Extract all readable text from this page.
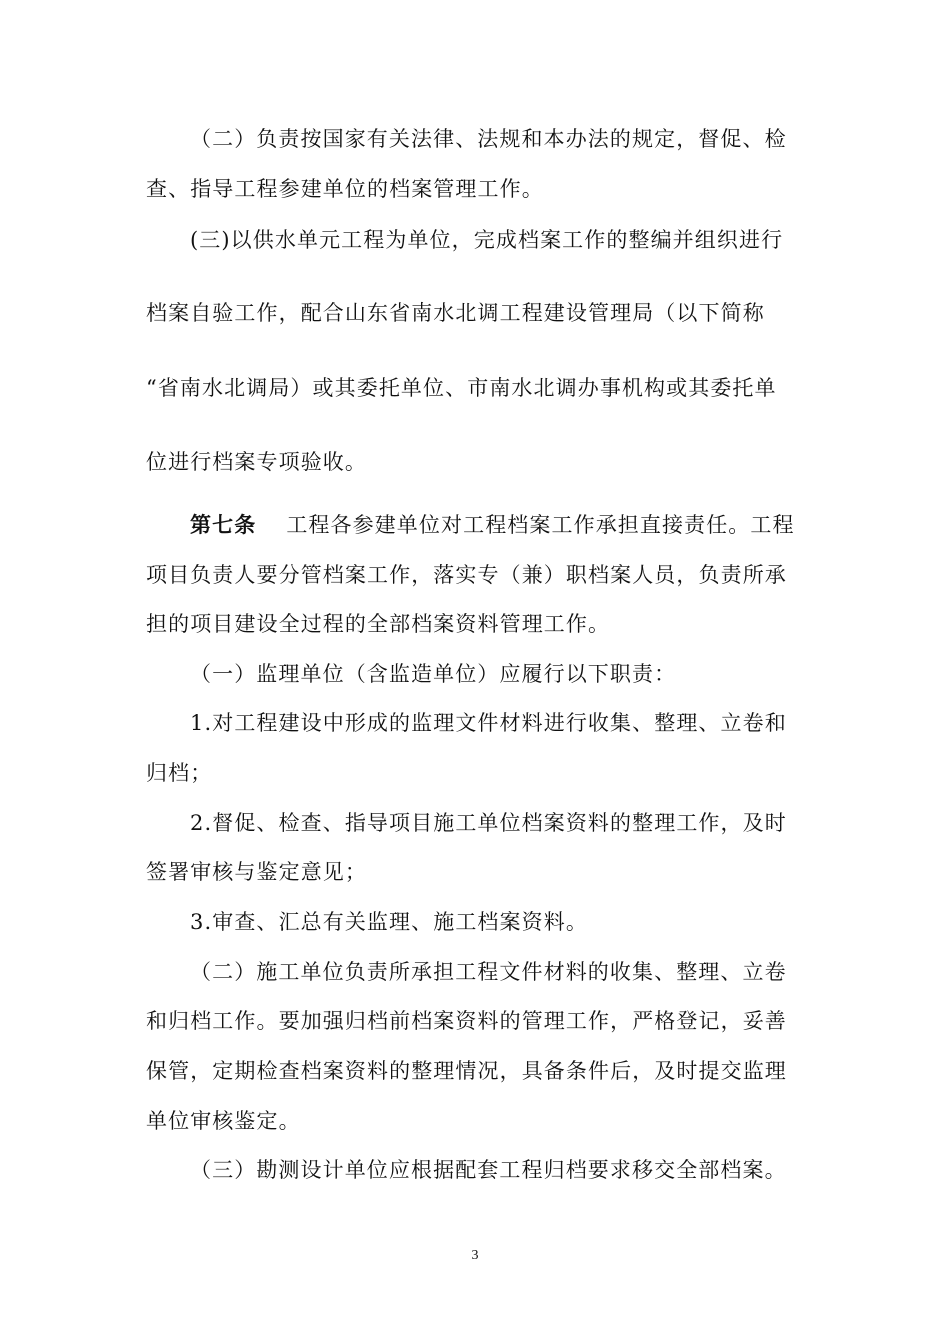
（二）负责按国家有关法律、法规和本办法的规定，督促、检
查、指导工程参建单位的档案管理工作。
(三)以供水单元工程为单位，完成档案工作的整编并组织进行
档案自验工作，配合山东省南水北调工程建设管理局（以下简称
“省南水北调局）或其委托单位、市南水北调办事机构或其委托单
位进行档案专项验收。
第七条 工程各参建单位对工程档案工作承担直接责任。工程
项目负责人要分管档案工作，落实专（兼）职档案人员，负责所承
担的项目建设全过程的全部档案资料管理工作。
（一）监理单位（含监造单位）应履行以下职责：
1.对工程建设中形成的监理文件材料进行收集、整理、立卷和
归档；
2.督促、检查、指导项目施工单位档案资料的整理工作，及时
签署审核与鉴定意见；
3.审查、汇总有关监理、施工档案资料。
（二）施工单位负责所承担工程文件材料的收集、整理、立卷
和归档工作。要加强归档前档案资料的管理工作，严格登记，妥善
保管，定期检查档案资料的整理情况，具备条件后，及时提交监理
单位审核鉴定。
（三）勘测设计单位应根据配套工程归档要求移交全部档案。
3
